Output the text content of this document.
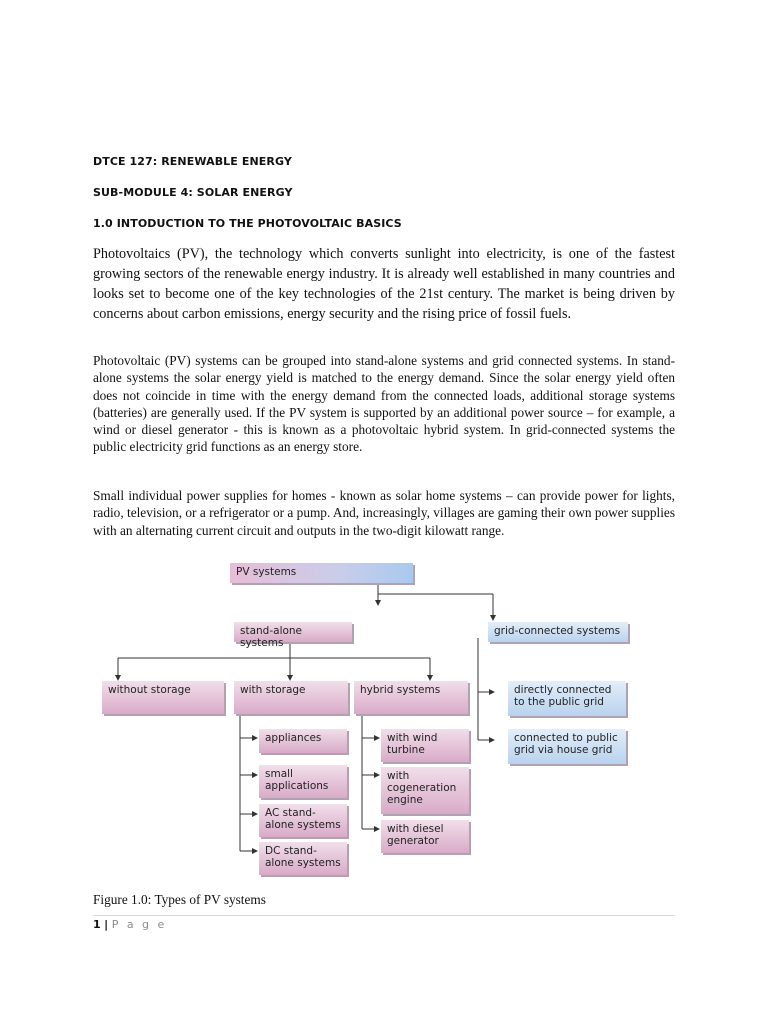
DTCE 127: RENEWABLE ENERGY
SUB-MODULE 4: SOLAR ENERGY
1.0 INTODUCTION TO THE PHOTOVOLTAIC BASICS

Photovoltaics (PV), the technology which converts sunlight into electricity, is one of the fastest growing sectors of the renewable energy industry. It is already well established in many countries and looks set to become one of the key technologies of the 21st century. The market is being driven by concerns about carbon emissions, energy security and the rising price of fossil fuels.

Photovoltaic (PV) systems can be grouped into stand-alone systems and grid connected systems. In stand-alone systems the solar energy yield is matched to the energy demand. Since the solar energy yield often does not coincide in time with the energy demand from the connected loads, additional storage systems (batteries) are generally used. If the PV system is supported by an additional power source – for example, a wind or diesel generator - this is known as a photovoltaic hybrid system. In grid-connected systems the public electricity grid functions as an energy store.

Small individual power supplies for homes - known as solar home systems – can provide power for lights, radio, television, or a refrigerator or a pump. And, increasingly, villages are gaming their own power supplies with an alternating current circuit and outputs in the two-digit kilowatt range.

PV systems
stand-alone systems
grid-connected systems
without storage	with storage	hybrid systems
appliances
small applications
AC stand-alone systems
DC stand-alone systems
with wind turbine
with cogeneration engine
with diesel generator
directly connected to the public grid
connected to public grid via house grid
Figure 1.0: Types of PV systems
1 | P a g e
